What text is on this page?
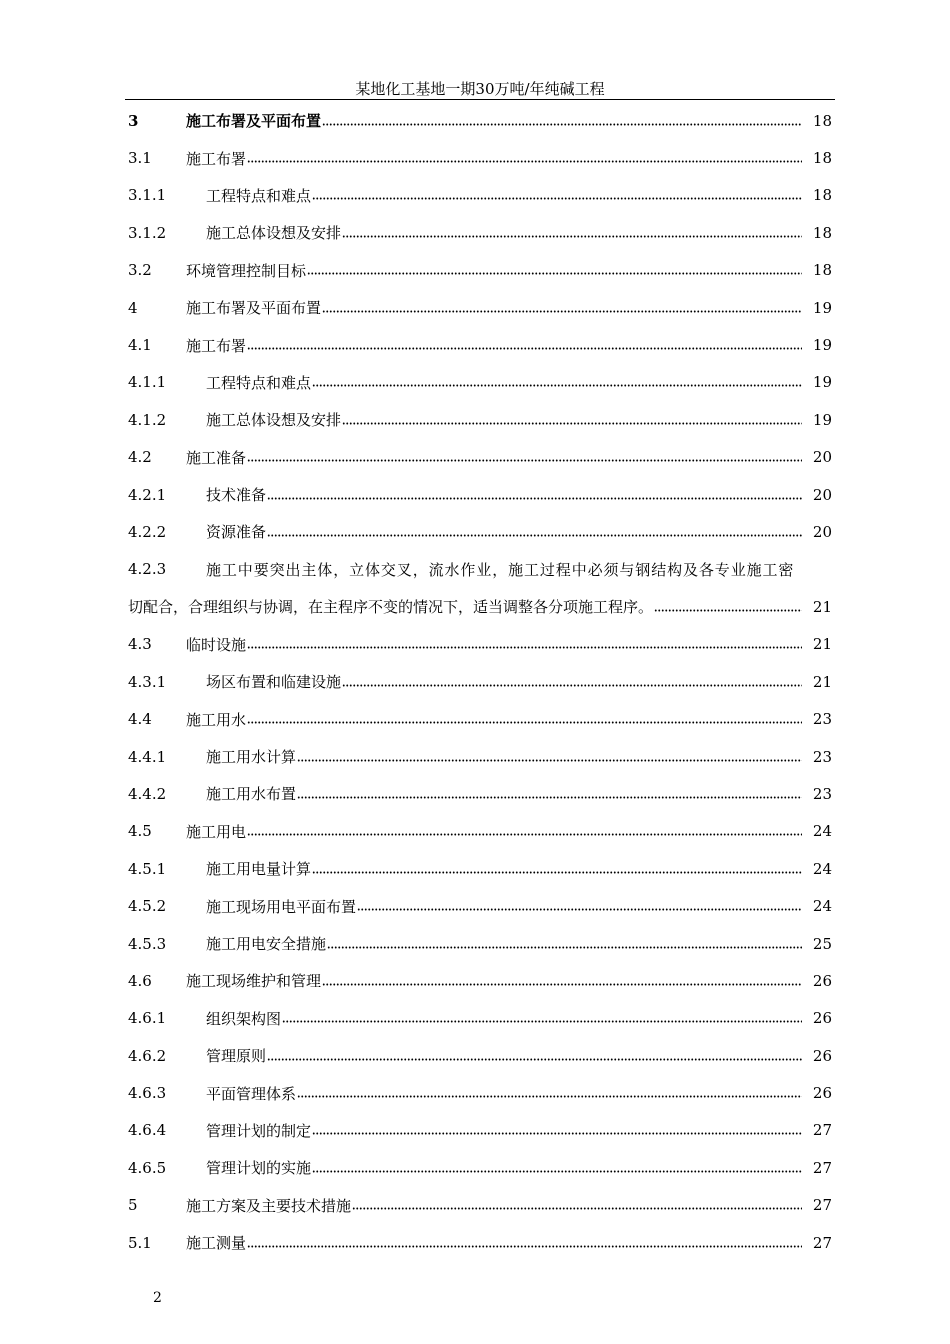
某地化工基地一期30万吨/年纯碱工程
3	施工布署及平面布置	18
3.1	施工布署	18
3.1.1	工程特点和难点	18
3.1.2	施工总体设想及安排	18
3.2	环境管理控制目标	18
4	施工布署及平面布置	19
4.1	施工布署	19
4.1.1	工程特点和难点	19
4.1.2	施工总体设想及安排	19
4.2	施工准备	20
4.2.1	技术准备	20
4.2.2	资源准备	20
4.2.3	施工中要突出主体，立体交叉，流水作业，施工过程中必须与钢结构及各专业施工密
切配合，合理组织与协调，在主程序不变的情况下，适当调整各分项施工程序。	21
4.3	临时设施	21
4.3.1	场区布置和临建设施	21
4.4	施工用水	23
4.4.1	施工用水计算	23
4.4.2	施工用水布置	23
4.5	施工用电	24
4.5.1	施工用电量计算	24
4.5.2	施工现场用电平面布置	24
4.5.3	施工用电安全措施	25
4.6	施工现场维护和管理	26
4.6.1	组织架构图	26
4.6.2	管理原则	26
4.6.3	平面管理体系	26
4.6.4	管理计划的制定	27
4.6.5	管理计划的实施	27
5	施工方案及主要技术措施	27
5.1	施工测量	27
2
